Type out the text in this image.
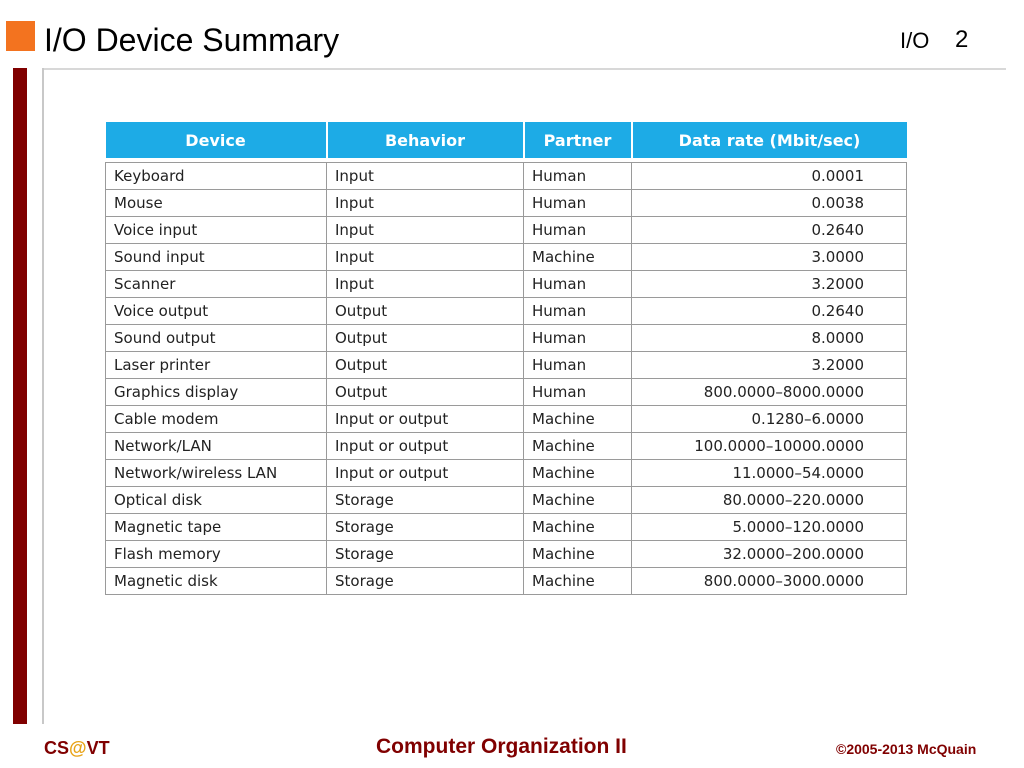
I/O Device Summary	I/O 2
Device	Behavior	Partner	Data rate (Mbit/sec)

Keyboard	Input	Human	0.0001
Mouse	Input	Human	0.0038
Voice input	Input	Human	0.2640
Sound input	Input	Machine	3.0000
Scanner	Input	Human	3.2000
Voice output	Output	Human	0.2640
Sound output	Output	Human	8.0000
Laser printer	Output	Human	3.2000
Graphics display	Output	Human	800.0000–8000.0000
Cable modem	Input or output	Machine	0.1280–6.0000
Network/LAN	Input or output	Machine	100.0000–10000.0000
Network/wireless LAN	Input or output	Machine	11.0000–54.0000
Optical disk	Storage	Machine	80.0000–220.0000
Magnetic tape	Storage	Machine	5.0000–120.0000
Flash memory	Storage	Machine	32.0000–200.0000
Magnetic disk	Storage	Machine	800.0000–3000.0000
CS@VT	Computer Organization II	©2005-2013 McQuain
